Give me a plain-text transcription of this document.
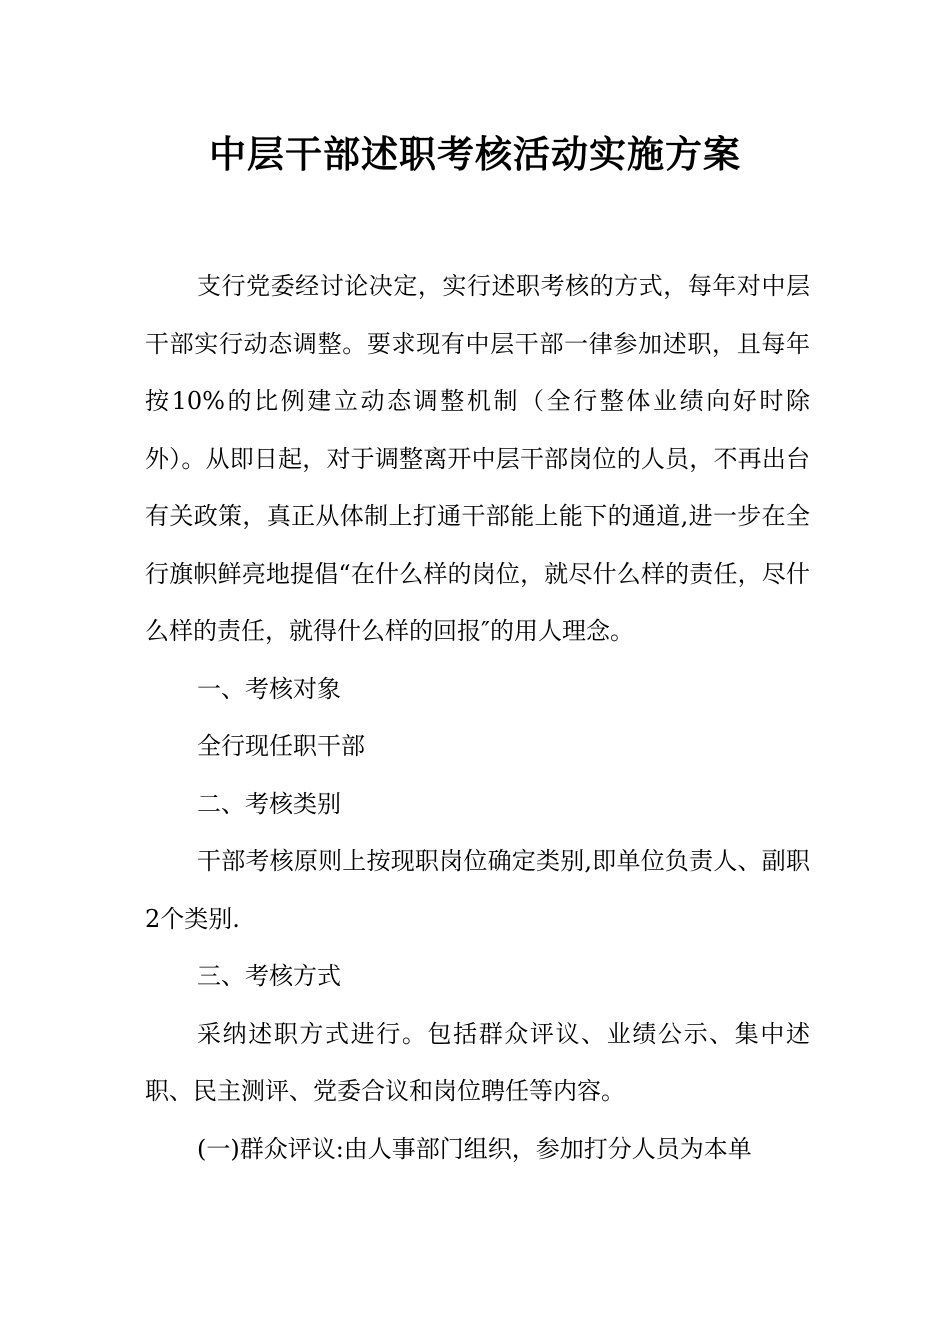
中层干部述职考核活动实施方案

支行党委经讨论决定，实行述职考核的方式，每年对中层干部实行动态调整。要求现有中层干部一律参加述职，且每年按10%的比例建立动态调整机制（全行整体业绩向好时除外）。从即日起，对于调整离开中层干部岗位的人员，不再出台有关政策，真正从体制上打通干部能上能下的通道,进一步在全行旗帜鲜亮地提倡“在什么样的岗位，就尽什么样的责任，尽什么样的责任，就得什么样的回报″的用人理念。

一、考核对象

全行现任职干部

二、考核类别

干部考核原则上按现职岗位确定类别,即单位负责人、副职2个类别.

三、考核方式

采纳述职方式进行。包括群众评议、业绩公示、集中述职、民主测评、党委合议和岗位聘任等内容。

(一)群众评议:由人事部门组织，参加打分人员为本单
